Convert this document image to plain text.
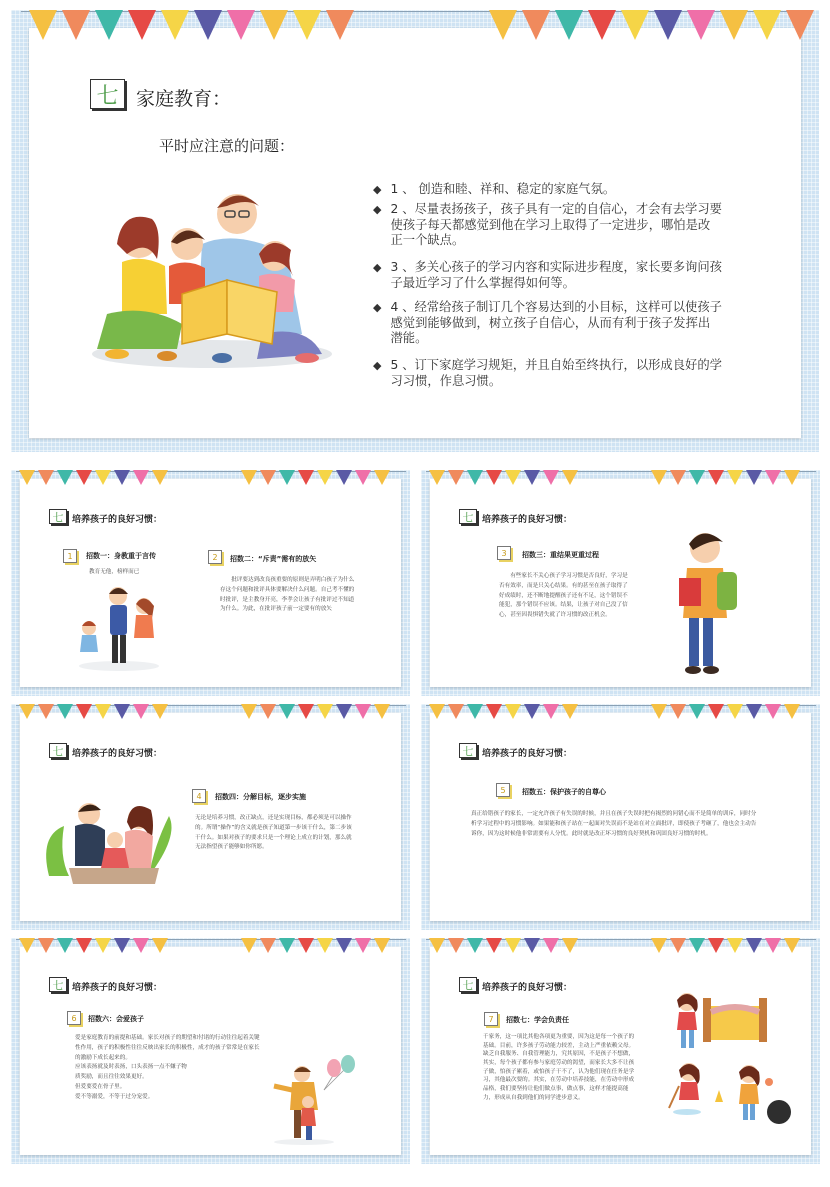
七 家庭教育：
平时应注意的问题：
◆ 1 、 创造和睦、祥和、稳定的家庭气氛。
◆ 2 、尽量表扬孩子，孩子具有一定的自信心，才会有去学习要使孩子每天都感觉到他在学习上取得了一定进步，哪怕是改正一个缺点。
◆ 3 、多关心孩子的学习内容和实际进步程度，家长要多询问孩子最近学习了什么掌握得如何等。
◆ 4 、经常给孩子制订几个容易达到的小目标，这样可以使孩子感觉到能够做到，树立孩子自信心，从而有利于孩子发挥出潜能。
◆ 5 、订下家庭学习规矩，并且自始至终执行，以形成良好的学习习惯，作息习惯。
七 培养孩子的良好习惯：
1 招数一：身教重于言传
教育无他，榜样而已
2 招数二：“斥责”需有的放矢
批评要达到改良孩重要的原则是弄明白孩子为什么存这个问题和批评具体要解决什么问题。自己考不懂的时批评，是主教身开亮，李孝会让孩子有批评过不知道为什么。为此，在批评孩子前一定要有的放矢
七 培养孩子的良好习惯：
3 招数三：重结果更重过程
有些家长不关心孩子学习习惯是否良好，学习是否有效率，而是只关心结果。有的甚至在孩子取得了好成绩时，还不断地提醒孩子还有不足，这个错误不能犯，那个错误不应该。结果，让孩子对自己没了信心，甚至因畏惧错失就了许习惯的改正机会。
七 培养孩子的良好习惯：
4 招数四：分解目标，逐步实施
无论是培养习惯，改正缺点，还是实现目标，都必须是可以操作的。所谓“操作”的含义就是孩子知道第一步该干什么，第二步该干什么。如果对孩子的要求只是一个理论上成立的计划，那么就无法指望孩子能够如你所愿。
七 培养孩子的良好习惯：
5 招数五：保护孩子的自尊心
真正给错孩子的家长，一定允许孩子有失误的时候，并且在孩子失误时把有揭烈的问错心而不是简单的训斥，同时分析学习过程中的习惯影响。如果能和孩子站在一起面对失误而不是站在对立面批评，即使孩子考砸了，他也会主动告诉你，因为这时候他非常需要有人分忧。此时就是改正坏习惯的良好契机和巩固良好习惯的时机。
七 培养孩子的良好习惯：
6 招数六：会爱孩子
爱是家庭教育的前提和基础。家长对孩子的期望和付诸的行动往往起着关键
性作用，孩子的积极性往往反映出家长的积极性，成才的孩子常常是在家长
的激励下成长起来的。
应该表扬就及时表扬，口头表扬一点不嫌子物
质奖励，而且往往效果更好。
但爱要爱在骨子里。
爱不等溺爱，不等于过分宠爱。
七 培养孩子的良好习惯：
7 招数七：学会负责任
千家务，这一项比其他各项更为重要，因为这是每一个孩子的基础。目前，许多孩子劳动能力较差，主动上严重依赖父母。缺乏自我服务、自我管理能力，究其原因，不是孩子不想做，其实，每个孩子都有参与家庭劳动的渴望，而家长大多不让孩子做，怕孩子累着，或怕孩子干不了，认为他们现在任务是学习，其他最次要的。其实，在劳动中培养技能，在劳动中形成品格，我们要坚持让他们做点事，做点事，这样才能提高能力，形成从自我到他们的同学进步意义。
